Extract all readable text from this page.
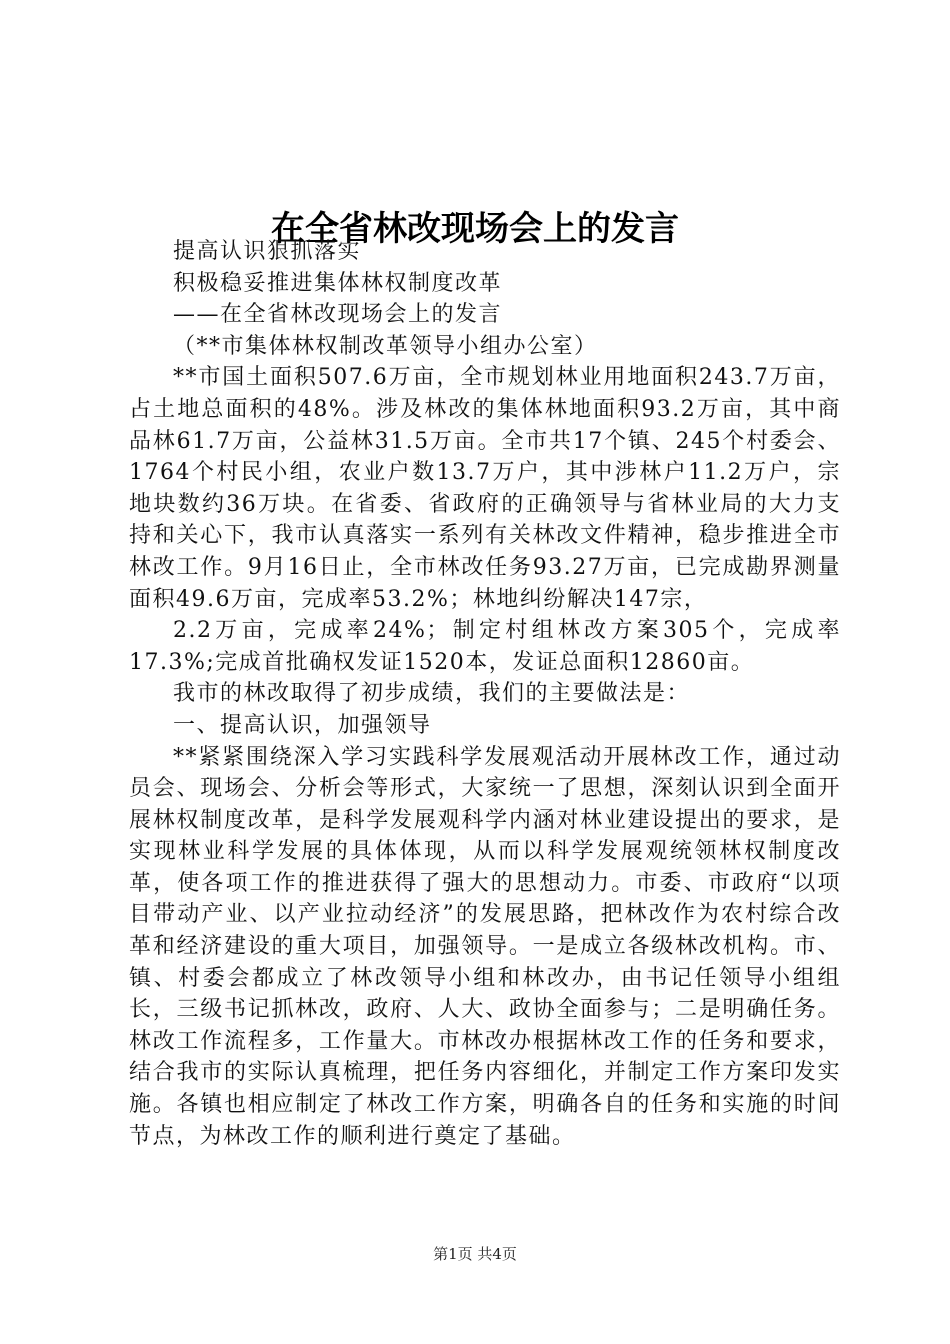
在全省林改现场会上的发言

提高认识狠抓落实

积极稳妥推进集体林权制度改革

——在全省林改现场会上的发言

（**市集体林权制改革领导小组办公室）

**市国土面积507.6万亩，全市规划林业用地面积243.7万亩，占土地总面积的48%。涉及林改的集体林地面积93.2万亩，其中商品林61.7万亩，公益林31.5万亩。全市共17个镇、245个村委会、1764个村民小组，农业户数13.7万户，其中涉林户11.2万户，宗地块数约36万块。在省委、省政府的正确领导与省林业局的大力支持和关心下，我市认真落实一系列有关林改文件精神，稳步推进全市林改工作。9月16日止，全市林改任务93.27万亩，已完成勘界测量面积49.6万亩，完成率53.2%；林地纠纷解决147宗，

2.2万亩，完成率24%；制定村组林改方案305个，完成率17.3%;完成首批确权发证1520本，发证总面积12860亩。

我市的林改取得了初步成绩，我们的主要做法是：

一、提高认识，加强领导

**紧紧围绕深入学习实践科学发展观活动开展林改工作，通过动员会、现场会、分析会等形式，大家统一了思想，深刻认识到全面开展林权制度改革，是科学发展观科学内涵对林业建设提出的要求，是实现林业科学发展的具体体现，从而以科学发展观统领林权制度改革，使各项工作的推进获得了强大的思想动力。市委、市政府“以项目带动产业、以产业拉动经济”的发展思路，把林改作为农村综合改革和经济建设的重大项目，加强领导。一是成立各级林改机构。市、镇、村委会都成立了林改领导小组和林改办，由书记任领导小组组长，三级书记抓林改，政府、人大、政协全面参与；二是明确任务。林改工作流程多，工作量大。市林改办根据林改工作的任务和要求，结合我市的实际认真梳理，把任务内容细化，并制定工作方案印发实施。各镇也相应制定了林改工作方案，明确各自的任务和实施的时间节点，为林改工作的顺利进行奠定了基础。

第1页 共4页
